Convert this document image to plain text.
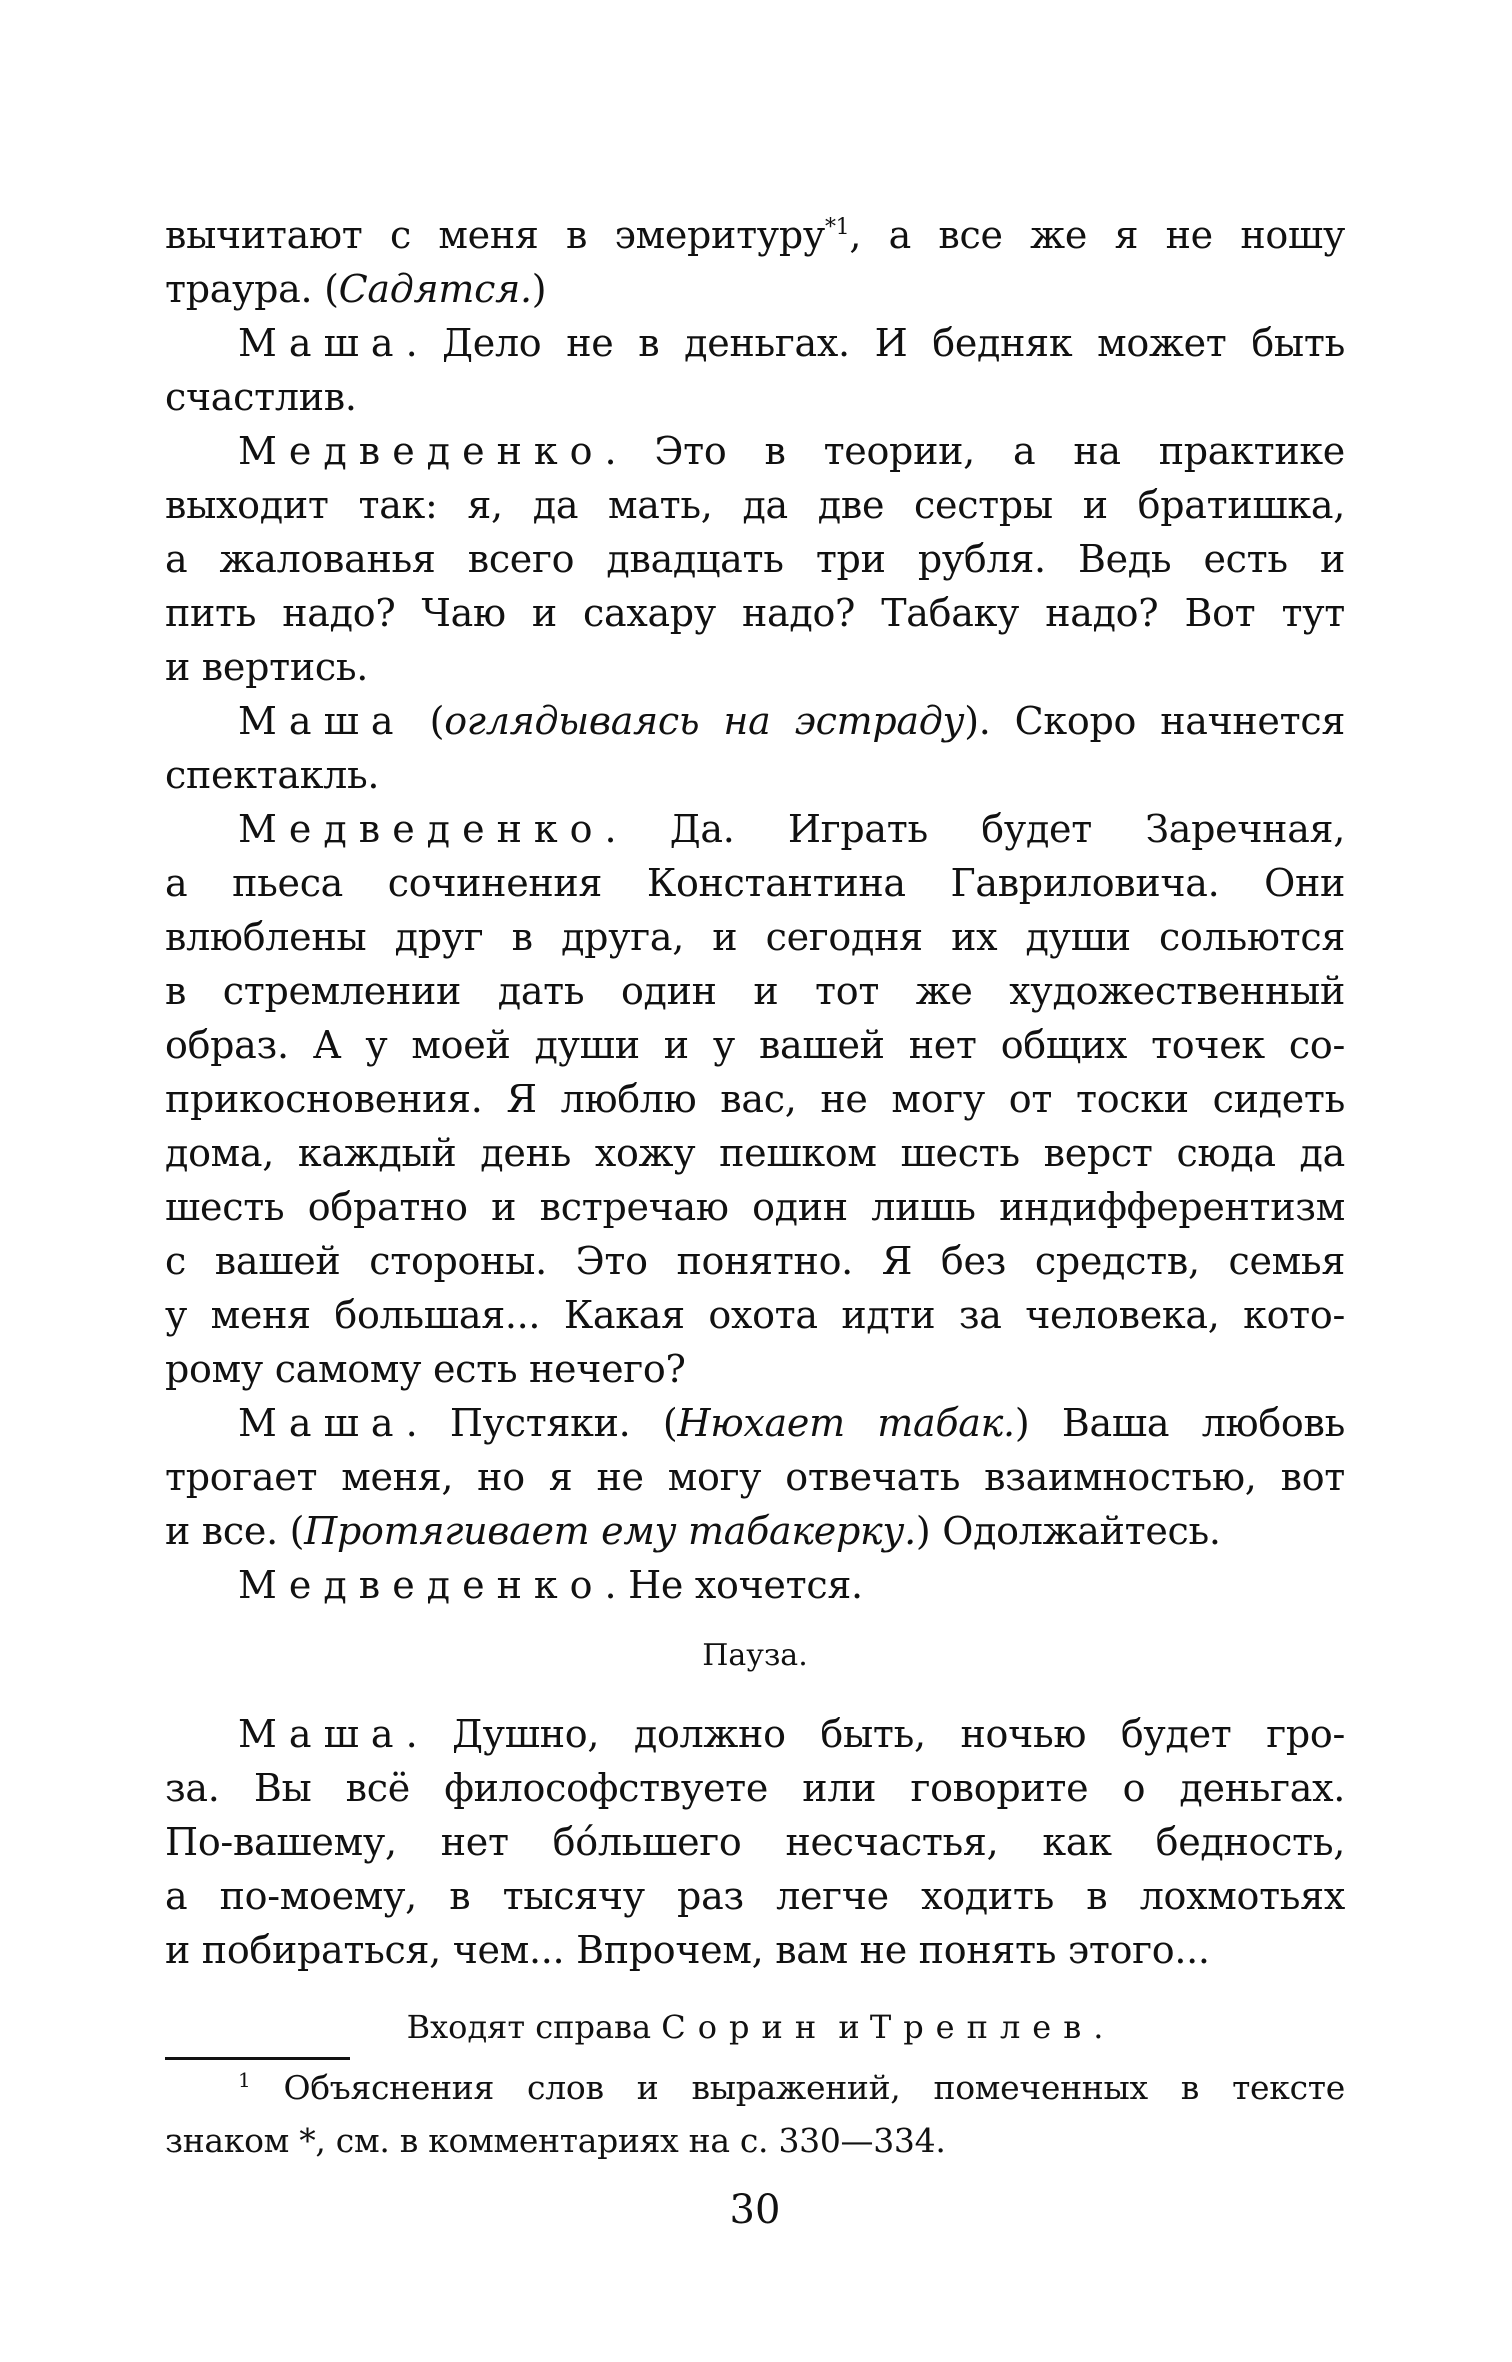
вычитают с меня в эмеритуру$^{*1}$, а все же я не ношу
траура. (Садятся.)
Маша. Дело не в деньгах. И бедняк может быть
счастлив.
Медведенко. Это в теории, а на практике
выходит так: я, да мать, да две сестры и братишка,
а жалованья всего двадцать три рубля. Ведь есть и
пить надо? Чаю и сахару надо? Табаку надо? Вот тут
и вертись.
Маша (оглядываясь на эстраду). Скоро начнется
спектакль.
Медведенко. Да. Играть будет Заречная,
а пьеса сочинения Константина Гавриловича. Они
влюблены друг в друга, и сегодня их души сольются
в стремлении дать один и тот же художественный
образ. А у моей души и у вашей нет общих точек со-
прикосновения. Я люблю вас, не могу от тоски сидеть
дома, каждый день хожу пешком шесть верст сюда да
шесть обратно и встречаю один лишь индифферентизм
с вашей стороны. Это понятно. Я без средств, семья
у меня большая... Какая охота идти за человека, кото-
рому самому есть нечего?
Маша. Пустяки. (Нюхает табак.) Ваша любовь
трогает меня, но я не могу отвечать взаимностью, вот
и все. (Протягивает ему табакерку.) Одолжайтесь.
Медведенко. Не хочется.
Пауза.
Маша. Душно, должно быть, ночью будет гро-
за. Вы всё философствуете или говорите о деньгах.
По-вашему, нет бóльшего несчастья, как бедность,
а по-моему, в тысячу раз легче ходить в лохмотьях
и побираться, чем... Впрочем, вам не понять этого...
Входят справа Сорин и Треплев.
$^1$ Объяснения слов и выражений, помеченных в тексте
знаком *, см. в комментариях на с. 330—334.
30
